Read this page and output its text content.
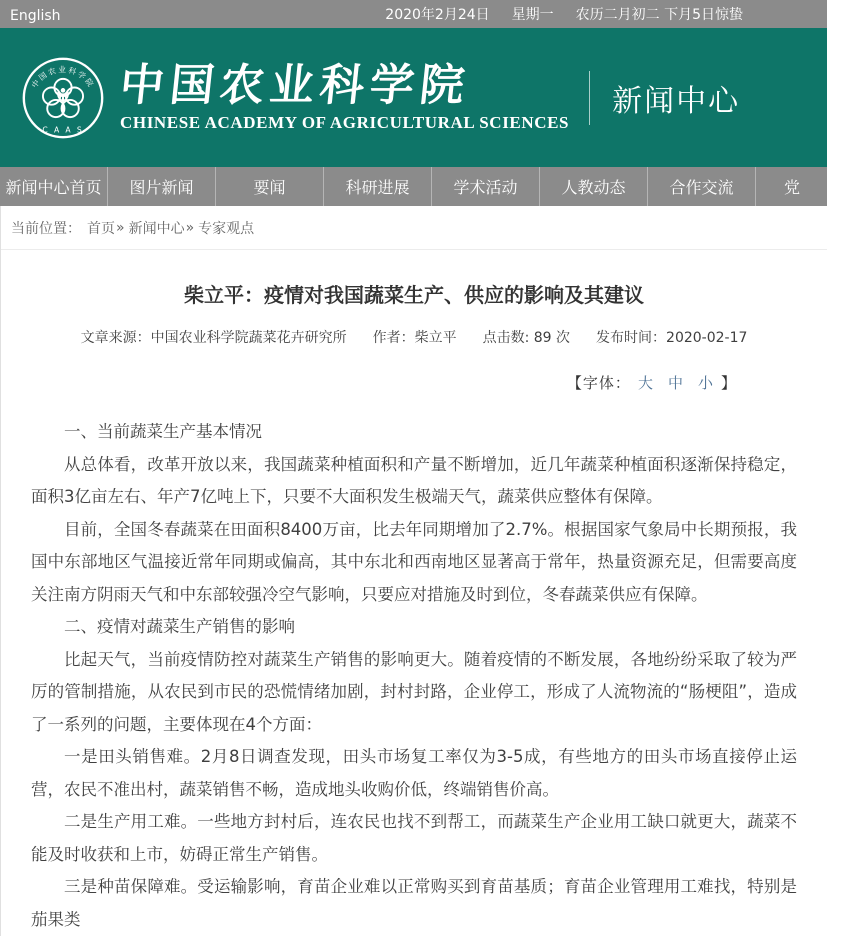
English	2020年2月24日 星期一 农历二月初二 下月5日惊蛰
中国农业科学院
C A A S
中国农业科学院
CHINESE ACADEMY OF AGRICULTURAL SCIENCES
新闻中心
新闻中心首页	图片新闻	要闻	科研进展	学术活动	人教动态	合作交流	党
当前位置： 首页 » 新闻中心 » 专家观点
柴立平：疫情对我国蔬菜生产、供应的影响及其建议
文章来源：中国农业科学院蔬菜花卉研究所 作者：柴立平 点击数: 89 次 发布时间：2020-02-17
【字体： 大 中 小 】

一、当前蔬菜生产基本情况

从总体看，改革开放以来，我国蔬菜种植面积和产量不断增加，近几年蔬菜种植面积逐渐保持稳定，面积3亿亩左右、年产7亿吨上下，只要不大面积发生极端天气，蔬菜供应整体有保障。

目前，全国冬春蔬菜在田面积8400万亩，比去年同期增加了2.7%。根据国家气象局中长期预报，我国中东部地区气温接近常年同期或偏高，其中东北和西南地区显著高于常年，热量资源充足，但需要高度关注南方阴雨天气和中东部较强冷空气影响，只要应对措施及时到位，冬春蔬菜供应有保障。

二、疫情对蔬菜生产销售的影响

比起天气，当前疫情防控对蔬菜生产销售的影响更大。随着疫情的不断发展，各地纷纷采取了较为严厉的管制措施，从农民到市民的恐慌情绪加剧，封村封路，企业停工，形成了人流物流的“肠梗阻”，造成了一系列的问题，主要体现在4个方面：

一是田头销售难。2月8日调查发现，田头市场复工率仅为3-5成，有些地方的田头市场直接停止运营，农民不准出村，蔬菜销售不畅，造成地头收购价低，终端销售价高。

二是生产用工难。一些地方封村后，连农民也找不到帮工，而蔬菜生产企业用工缺口就更大，蔬菜不能及时收获和上市，妨碍正常生产销售。

三是种苗保障难。受运输影响，育苗企业难以正常购买到育苗基质；育苗企业管理用工难找，特别是茄果类
